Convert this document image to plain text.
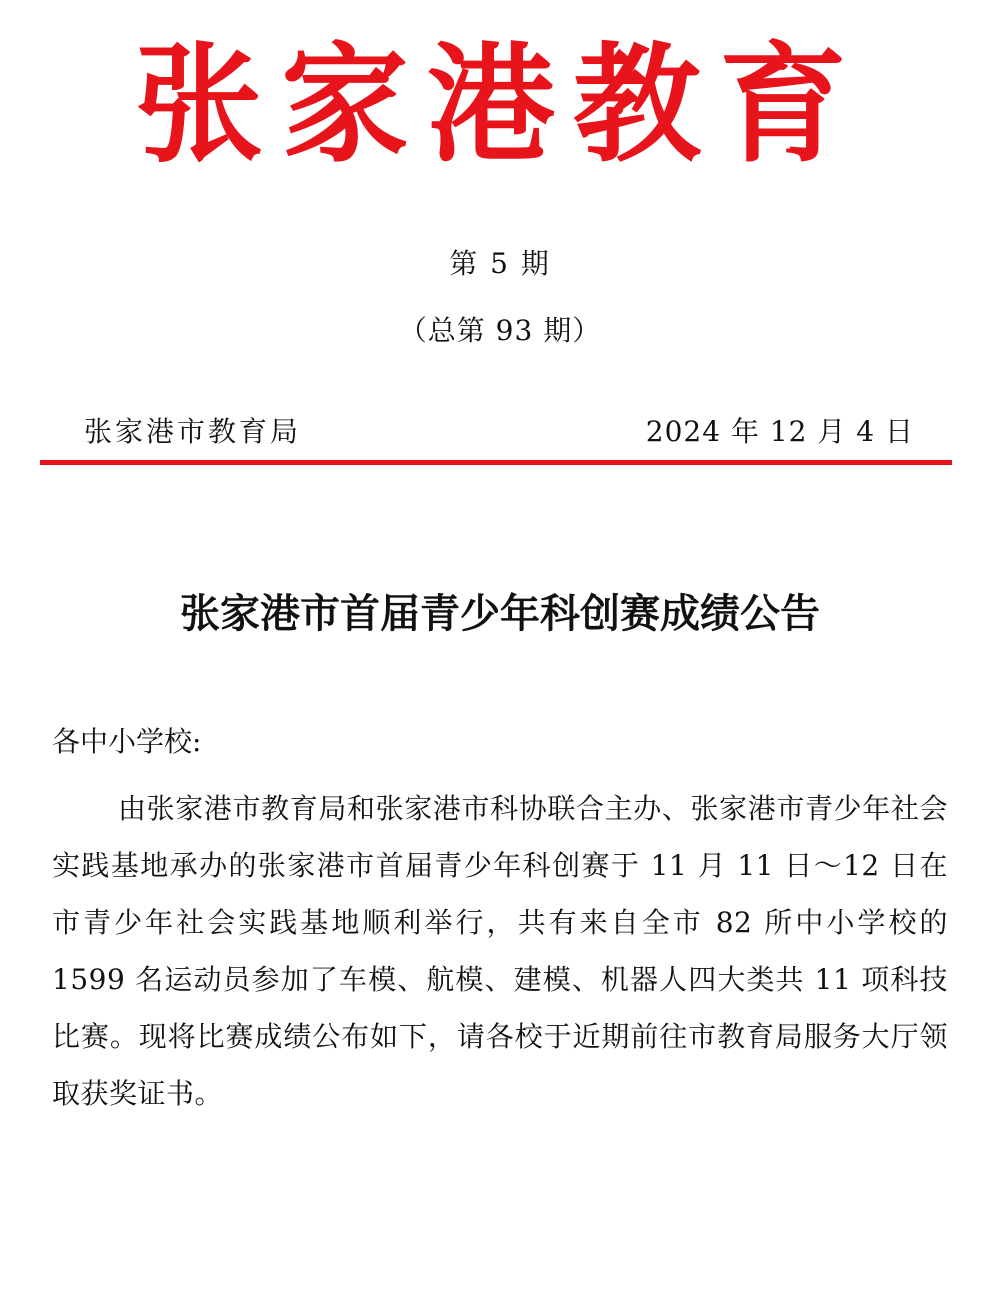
张家港教育
第 5 期
（总第 93 期）
张家港市教育局	2024 年 12 月 4 日
张家港市首届青少年科创赛成绩公告
各中小学校:
由张家港市教育局和张家港市科协联合主办、张家港市青少年社会实践基地承办的张家港市首届青少年科创赛于 11 月 11 日～12 日在市青少年社会实践基地顺利举行，共有来自全市 82 所中小学校的 1599 名运动员参加了车模、航模、建模、机器人四大类共 11 项科技比赛。现将比赛成绩公布如下，请各校于近期前往市教育局服务大厅领取获奖证书。
